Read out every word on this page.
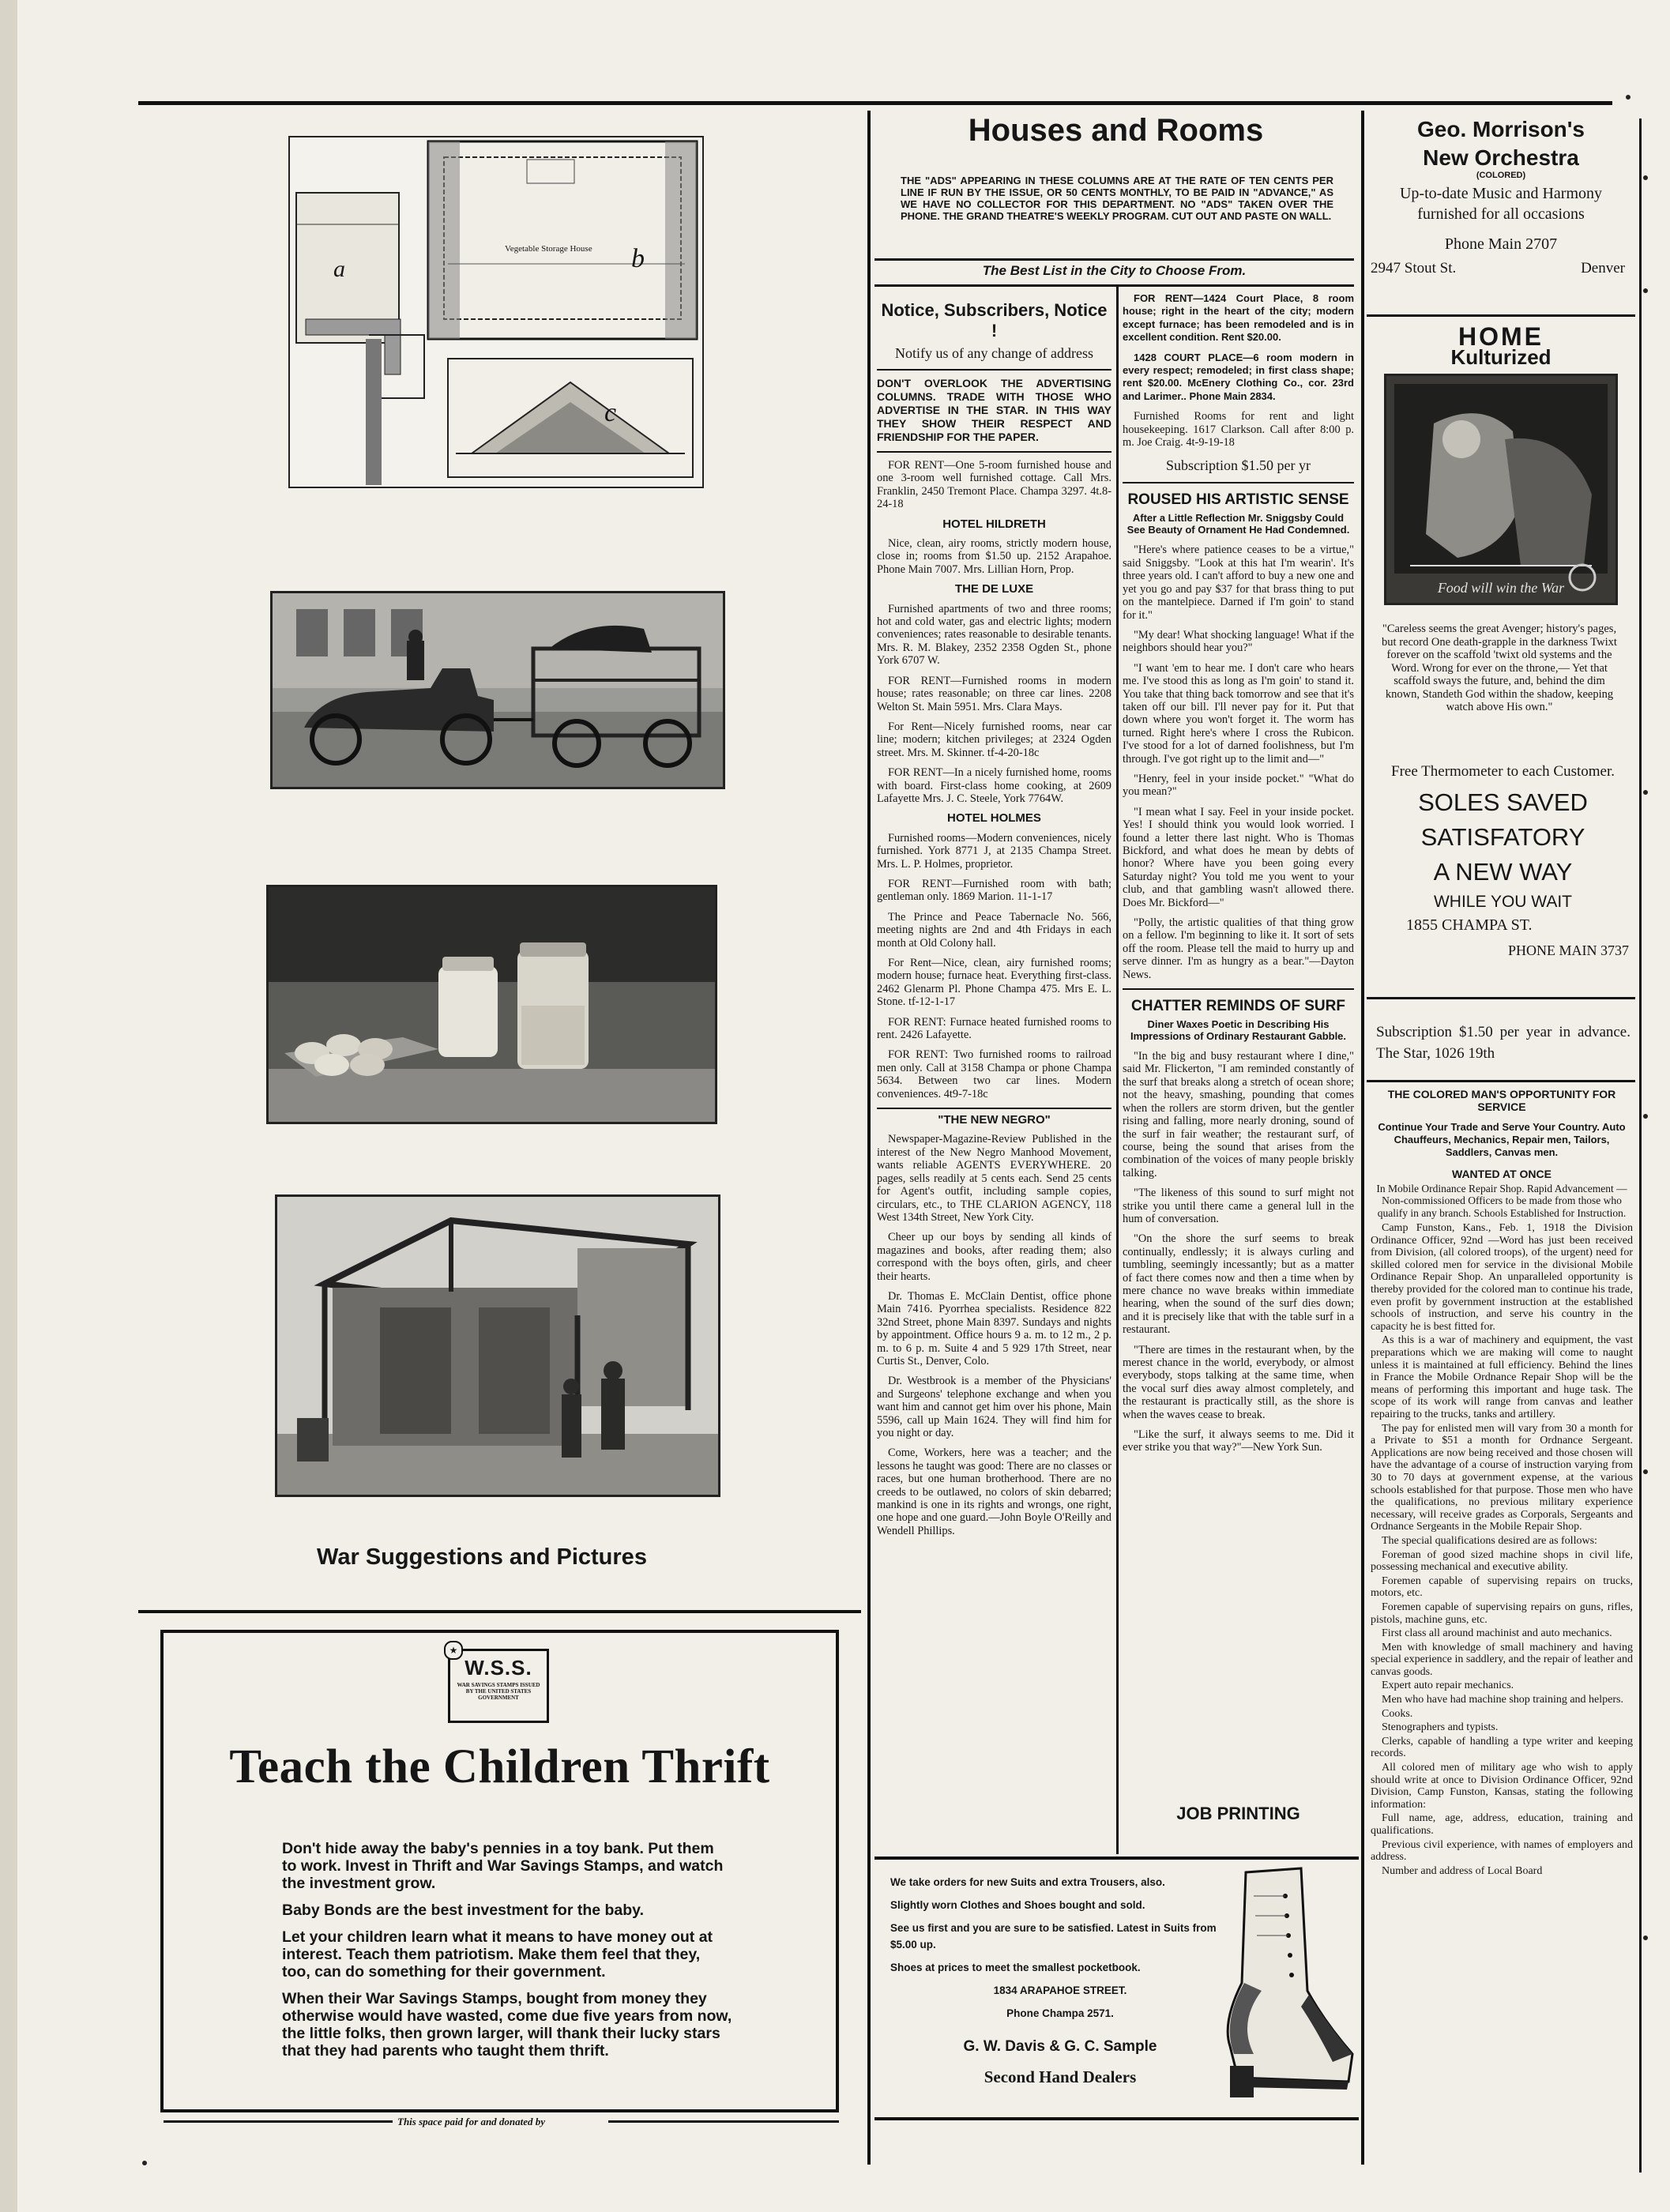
Vegetable Storage House
a	b
c
War Suggestions and Pictures
W.S.S.
WAR SAVINGS STAMPS ISSUED BY THE UNITED STATES GOVERNMENT
★
Teach the Children Thrift
Don't hide away the baby's pennies in a toy bank. Put them to work. Invest in Thrift and War Savings Stamps, and watch the investment grow.
Baby Bonds are the best investment for the baby.
Let your children learn what it means to have money out at interest. Teach them patriotism. Make them feel that they, too, can do something for their government.
When their War Savings Stamps, bought from money they otherwise would have wasted, come due five years from now, the little folks, then grown larger, will thank their lucky stars that they had parents who taught them thrift.
This space paid for and donated by
Houses and Rooms
THE "ADS" APPEARING IN THESE COLUMNS ARE AT THE RATE OF TEN CENTS PER LINE IF RUN BY THE ISSUE, OR 50 CENTS MONTHLY, TO BE PAID IN "ADVANCE," AS WE HAVE NO COLLECTOR FOR THIS DEPARTMENT. NO "ADS" TAKEN OVER THE PHONE. THE GRAND THEATRE'S WEEKLY PROGRAM. CUT OUT AND PASTE ON WALL.
The Best List in the City to Choose From.
Notice, Subscribers, Notice !

Notify us of any change of address

DON'T OVERLOOK THE ADVERTISING COLUMNS. TRADE WITH THOSE WHO ADVERTISE IN THE STAR. IN THIS WAY THEY SHOW THEIR RESPECT AND FRIENDSHIP FOR THE PAPER.

FOR RENT—One 5-room furnished house and one 3-room well furnished cottage. Call Mrs. Franklin, 2450 Tremont Place. Champa 3297. 4t.8-24-18

HOTEL HILDRETH

Nice, clean, airy rooms, strictly modern house, close in; rooms from $1.50 up. 2152 Arapahoe. Phone Main 7007. Mrs. Lillian Horn, Prop.

THE DE LUXE

Furnished apartments of two and three rooms; hot and cold water, gas and electric lights; modern conveniences; rates reasonable to desirable tenants. Mrs. R. M. Blakey, 2352 2358 Ogden St., phone York 6707 W.

FOR RENT—Furnished rooms in modern house; rates reasonable; on three car lines. 2208 Welton St. Main 5951. Mrs. Clara Mays.

For Rent—Nicely furnished rooms, near car line; modern; kitchen privileges; at 2324 Ogden street. Mrs. M. Skinner. tf-4-20-18c

FOR RENT—In a nicely furnished home, rooms with board. First-class home cooking, at 2609 Lafayette Mrs. J. C. Steele, York 7764W.

HOTEL HOLMES

Furnished rooms—Modern conveniences, nicely furnished. York 8771 J, at 2135 Champa Street. Mrs. L. P. Holmes, proprietor.

FOR RENT—Furnished room with bath; gentleman only. 1869 Marion. 11-1-17

The Prince and Peace Tabernacle No. 566, meeting nights are 2nd and 4th Fridays in each month at Old Colony hall.

For Rent—Nice, clean, airy furnished rooms; modern house; furnace heat. Everything first-class. 2462 Glenarm Pl. Phone Champa 475. Mrs E. L. Stone. tf-12-1-17

FOR RENT: Furnace heated furnished rooms to rent. 2426 Lafayette.

FOR RENT: Two furnished rooms to railroad men only. Call at 3158 Champa or phone Champa 5634. Between two car lines. Modern conveniences. 4t9-7-18c

"THE NEW NEGRO"

Newspaper-Magazine-Review Published in the interest of the New Negro Manhood Movement, wants reliable AGENTS EVERYWHERE. 20 pages, sells readily at 5 cents each. Send 25 cents for Agent's outfit, including sample copies, circulars, etc., to THE CLARION AGENCY, 118 West 134th Street, New York City.

Cheer up our boys by sending all kinds of magazines and books, after reading them; also correspond with the boys often, girls, and cheer their hearts.

Dr. Thomas E. McClain Dentist, office phone Main 7416. Pyorrhea specialists. Residence 822 32nd Street, phone Main 8397. Sundays and nights by appointment. Office hours 9 a. m. to 12 m., 2 p. m. to 6 p. m. Suite 4 and 5 929 17th Street, near Curtis St., Denver, Colo.

Dr. Westbrook is a member of the Physicians' and Surgeons' telephone exchange and when you want him and cannot get him over his phone, Main 5596, call up Main 1624. They will find him for you night or day.

Come, Workers, here was a teacher; and the lessons he taught was good: There are no classes or races, but one human brotherhood. There are no creeds to be outlawed, no colors of skin debarred; mankind is one in its rights and wrongs, one right, one hope and one guard.—John Boyle O'Reilly and Wendell Phillips.

FOR RENT—1424 Court Place, 8 room house; right in the heart of the city; modern except furnace; has been remodeled and is in excellent condition. Rent $20.00.

1428 COURT PLACE—6 room modern in every respect; remodeled; in first class shape; rent $20.00. McEnery Clothing Co., cor. 23rd and Larimer.. Phone Main 2834.

Furnished Rooms for rent and light housekeeping. 1617 Clarkson. Call after 8:00 p. m. Joe Craig. 4t-9-19-18

Subscription $1.50 per yr

ROUSED HIS ARTISTIC SENSE
After a Little Reflection Mr. Sniggsby Could See Beauty of Ornament He Had Condemned.

"Here's where patience ceases to be a virtue," said Sniggsby. "Look at this hat I'm wearin'. It's three years old. I can't afford to buy a new one and yet you go and pay $37 for that brass thing to put on the mantelpiece. Darned if I'm goin' to stand for it."

"My dear! What shocking language! What if the neighbors should hear you?"

"I want 'em to hear me. I don't care who hears me. I've stood this as long as I'm goin' to stand it. You take that thing back tomorrow and see that it's taken off our bill. I'll never pay for it. Put that down where you won't forget it. The worm has turned. Right here's where I cross the Rubicon. I've stood for a lot of darned foolishness, but I'm through. I've got right up to the limit and—"

"Henry, feel in your inside pocket." "What do you mean?"

"I mean what I say. Feel in your inside pocket. Yes! I should think you would look worried. I found a letter there last night. Who is Thomas Bickford, and what does he mean by debts of honor? Where have you been going every Saturday night? You told me you went to your club, and that gambling wasn't allowed there. Does Mr. Bickford—"

"Polly, the artistic qualities of that thing grow on a fellow. I'm beginning to like it. It sort of sets off the room. Please tell the maid to hurry up and serve dinner. I'm as hungry as a bear."—Dayton News.

CHATTER REMINDS OF SURF
Diner Waxes Poetic in Describing His Impressions of Ordinary Restaurant Gabble.

"In the big and busy restaurant where I dine," said Mr. Flickerton, "I am reminded constantly of the surf that breaks along a stretch of ocean shore; not the heavy, smashing, pounding that comes when the rollers are storm driven, but the gentler rising and falling, more nearly droning, sound of the surf in fair weather; the restaurant surf, of course, being the sound that arises from the combination of the voices of many people briskly talking.

"The likeness of this sound to surf might not strike you until there came a general lull in the hum of conversation.

"On the shore the surf seems to break continually, endlessly; it is always curling and tumbling, seemingly incessantly; but as a matter of fact there comes now and then a time when by mere chance no wave breaks within immediate hearing, when the sound of the surf dies down; and it is precisely like that with the table surf in a restaurant.

"There are times in the restaurant when, by the merest chance in the world, everybody, or almost everybody, stops talking at the same time, when the vocal surf dies away almost completely, and the restaurant is practically still, as the shore is when the waves cease to break.

"Like the surf, it always seems to me. Did it ever strike you that way?"—New York Sun.

JOB PRINTING
We take orders for new Suits and extra Trousers, also.
Slightly worn Clothes and Shoes bought and sold.
See us first and you are sure to be satisfied. Latest in Suits from $5.00 up.
Shoes at prices to meet the smallest pocketbook.
1834 ARAPAHOE STREET.
Phone Champa 2571.
G. W. Davis & G. C. Sample
Second Hand Dealers
Geo. Morrison's
New Orchestra
(COLORED)
Up-to-date Music and Harmony furnished for all occasions
Phone Main 2707
2947 Stout St.	Denver
HOME
Kulturized
Food will win the War
"Careless seems the great Avenger; history's pages, but record One death-grapple in the darkness Twixt forever on the scaffold 'twixt old systems and the Word. Wrong for ever on the throne,— Yet that scaffold sways the future, and, behind the dim known, Standeth God within the shadow, keeping watch above His own."
Free Thermometer to each Customer.
SOLES SAVED
SATISFATORY
A NEW WAY
WHILE YOU WAIT
1855 CHAMPA ST.
PHONE MAIN 3737
Subscription $1.50 per year in advance. The Star, 1026 19th
THE COLORED MAN'S OPPORTUNITY FOR SERVICE
Continue Your Trade and Serve Your Country. Auto Chauffeurs, Mechanics, Repair men, Tailors, Saddlers, Canvas men.
WANTED AT ONCE
In Mobile Ordinance Repair Shop. Rapid Advancement — Non-commissioned Officers to be made from those who qualify in any branch. Schools Established for Instruction.

Camp Funston, Kans., Feb. 1, 1918 the Division Ordinance Officer, 92nd —Word has just been received from Division, (all colored troops), of the urgent) need for skilled colored men for service in the divisional Mobile Ordinance Repair Shop. An unparalleled opportunity is thereby provided for the colored man to continue his trade, even profit by government instruction at the established schools of instruction, and serve his country in the capacity he is best fitted for.

As this is a war of machinery and equipment, the vast preparations which we are making will come to naught unless it is maintained at full efficiency. Behind the lines in France the Mobile Ordnance Repair Shop will be the means of performing this important and huge task. The scope of its work will range from canvas and leather repairing to the trucks, tanks and artillery.

The pay for enlisted men will vary from 30 a month for a Private to $51 a month for Ordnance Sergeant. Applications are now being received and those chosen will have the advantage of a course of instruction varying from 30 to 70 days at government expense, at the various schools established for that purpose. Those men who have the qualifications, no previous military experience necessary, will receive grades as Corporals, Sergeants and Ordnance Sergeants in the Mobile Repair Shop.

The special qualifications desired are as follows:

Foreman of good sized machine shops in civil life, possessing mechanical and executive ability.

Foremen capable of supervising repairs on trucks, motors, etc.

Foremen capable of supervising repairs on guns, rifles, pistols, machine guns, etc.

First class all around machinist and auto mechanics.

Men with knowledge of small machinery and having special experience in saddlery, and the repair of leather and canvas goods.

Expert auto repair mechanics.

Men who have had machine shop training and helpers.

Cooks.

Stenographers and typists.

Clerks, capable of handling a type writer and keeping records.

All colored men of military age who wish to apply should write at once to Division Ordinance Officer, 92nd Division, Camp Funston, Kansas, stating the following information:

Full name, age, address, education, training and qualifications.

Previous civil experience, with names of employers and address.

Number and address of Local Board
